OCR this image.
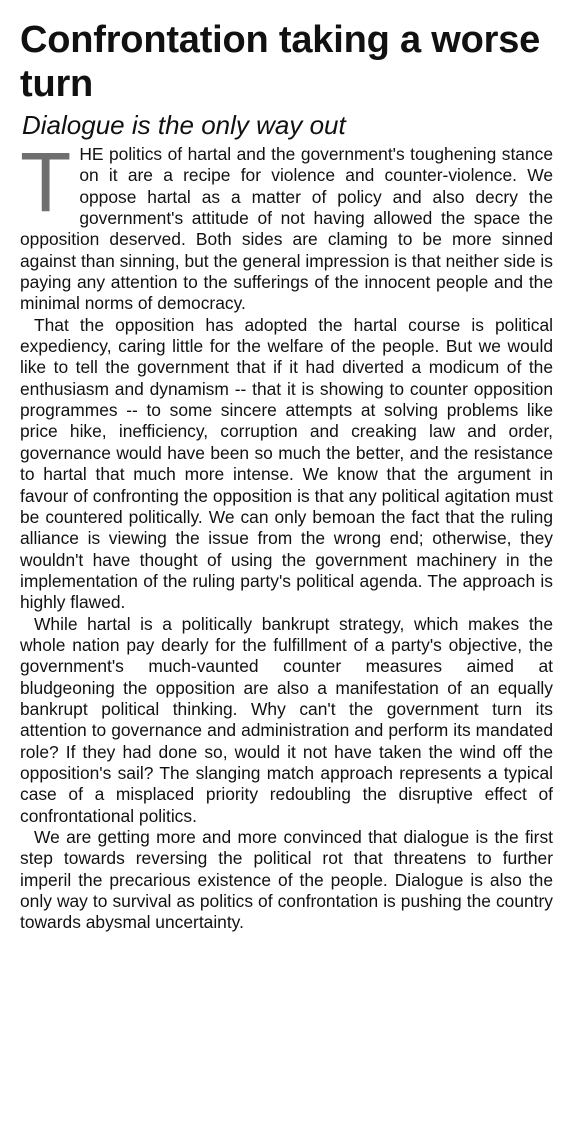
Confrontation taking a worse turn
Dialogue is the only way out

THE politics of hartal and the government's toughening stance on it are a recipe for violence and counter-violence. We oppose hartal as a matter of policy and also decry the government's attitude of not having allowed the space the opposition deserved. Both sides are claming to be more sinned against than sinning, but the general impression is that neither side is paying any attention to the sufferings of the innocent people and the minimal norms of democracy.

That the opposition has adopted the hartal course is political expediency, caring little for the welfare of the people. But we would like to tell the government that if it had diverted a modicum of the enthusiasm and dynamism -- that it is showing to counter opposition programmes -- to some sincere attempts at solving problems like price hike, inefficiency, corruption and creaking law and order, governance would have been so much the better, and the resistance to hartal that much more intense. We know that the argument in favour of confronting the opposition is that any political agitation must be countered politically. We can only bemoan the fact that the ruling alliance is viewing the issue from the wrong end; otherwise, they wouldn't have thought of using the government machinery in the implementation of the ruling party's political agenda. The approach is highly flawed.

While hartal is a politically bankrupt strategy, which makes the whole nation pay dearly for the fulfillment of a party's objective, the government's much-vaunted counter measures aimed at bludgeoning the opposition are also a manifestation of an equally bankrupt political thinking. Why can't the government turn its attention to governance and administration and perform its mandated role? If they had done so, would it not have taken the wind off the opposition's sail? The slanging match approach represents a typical case of a misplaced priority redoubling the disruptive effect of confrontational politics.

We are getting more and more convinced that dialogue is the first step towards reversing the political rot that threatens to further imperil the precarious existence of the people. Dialogue is also the only way to survival as politics of confrontation is pushing the country towards abysmal uncertainty.
